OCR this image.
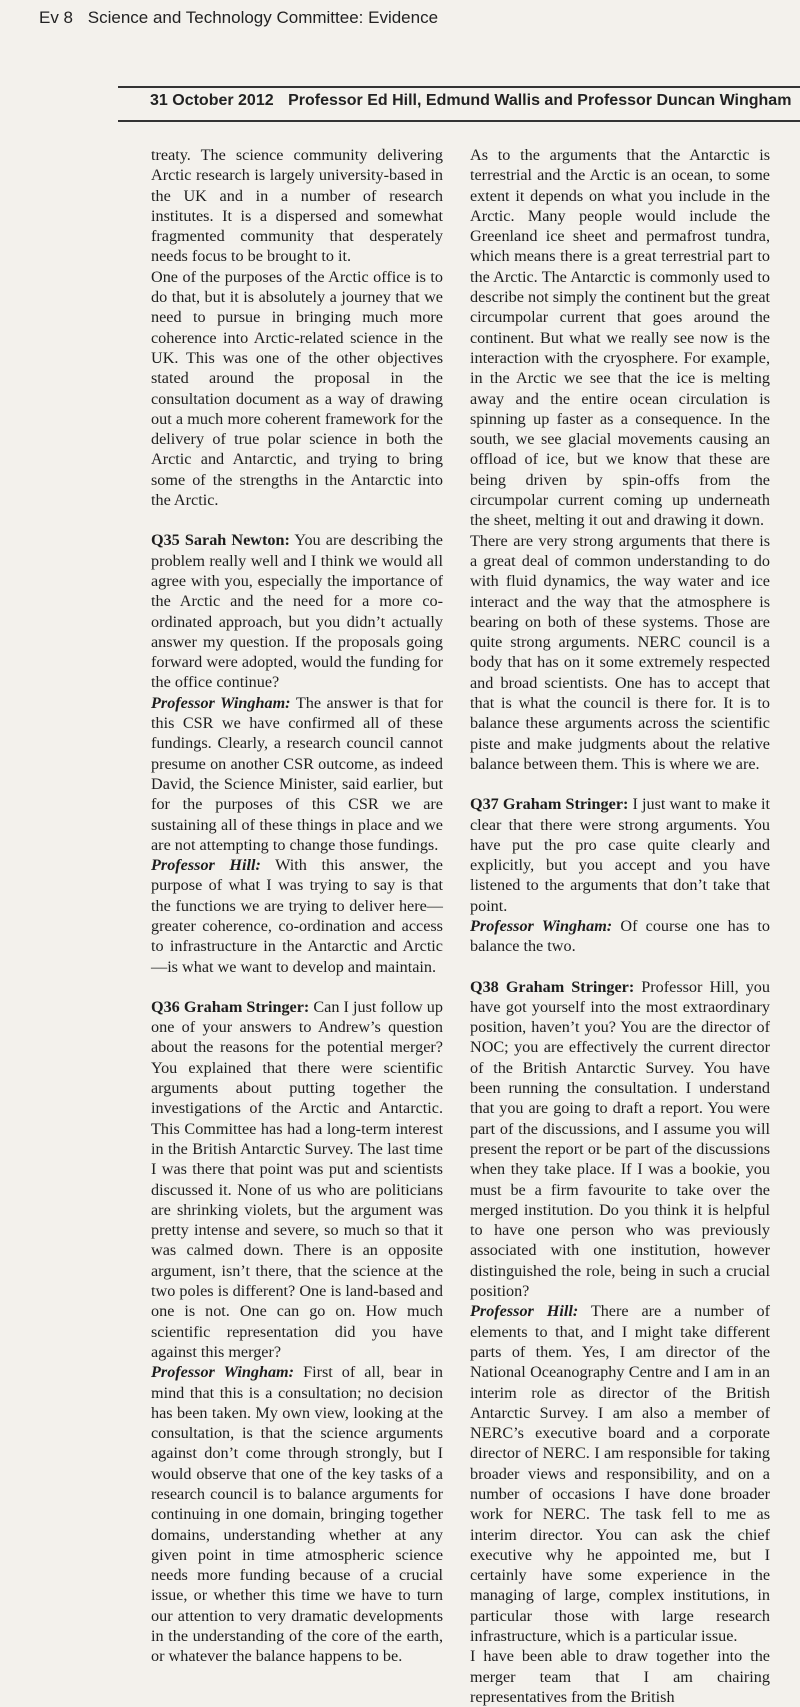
Ev 8 Science and Technology Committee: Evidence
31 October 2012 Professor Ed Hill, Edmund Wallis and Professor Duncan Wingham

treaty. The science community delivering Arctic research is largely university-based in the UK and in a number of research institutes. It is a dispersed and somewhat fragmented community that desperately needs focus to be brought to it.

One of the purposes of the Arctic office is to do that, but it is absolutely a journey that we need to pursue in bringing much more coherence into Arctic-related science in the UK. This was one of the other objectives stated around the proposal in the consultation document as a way of drawing out a much more coherent framework for the delivery of true polar science in both the Arctic and Antarctic, and trying to bring some of the strengths in the Antarctic into the Arctic.

Q35 Sarah Newton: You are describing the problem really well and I think we would all agree with you, especially the importance of the Arctic and the need for a more co-ordinated approach, but you didn’t actually answer my question. If the proposals going forward were adopted, would the funding for the office continue?

Professor Wingham: The answer is that for this CSR we have confirmed all of these fundings. Clearly, a research council cannot presume on another CSR outcome, as indeed David, the Science Minister, said earlier, but for the purposes of this CSR we are sustaining all of these things in place and we are not attempting to change those fundings.

Professor Hill: With this answer, the purpose of what I was trying to say is that the functions we are trying to deliver here—greater coherence, co-ordination and access to infrastructure in the Antarctic and Arctic—is what we want to develop and maintain.

Q36 Graham Stringer: Can I just follow up one of your answers to Andrew’s question about the reasons for the potential merger? You explained that there were scientific arguments about putting together the investigations of the Arctic and Antarctic. This Committee has had a long-term interest in the British Antarctic Survey. The last time I was there that point was put and scientists discussed it. None of us who are politicians are shrinking violets, but the argument was pretty intense and severe, so much so that it was calmed down. There is an opposite argument, isn’t there, that the science at the two poles is different? One is land-based and one is not. One can go on. How much scientific representation did you have against this merger?

Professor Wingham: First of all, bear in mind that this is a consultation; no decision has been taken. My own view, looking at the consultation, is that the science arguments against don’t come through strongly, but I would observe that one of the key tasks of a research council is to balance arguments for continuing in one domain, bringing together domains, understanding whether at any given point in time atmospheric science needs more funding because of a crucial issue, or whether this time we have to turn our attention to very dramatic developments in the understanding of the core of the earth, or whatever the balance happens to be.

As to the arguments that the Antarctic is terrestrial and the Arctic is an ocean, to some extent it depends on what you include in the Arctic. Many people would include the Greenland ice sheet and permafrost tundra, which means there is a great terrestrial part to the Arctic. The Antarctic is commonly used to describe not simply the continent but the great circumpolar current that goes around the continent. But what we really see now is the interaction with the cryosphere. For example, in the Arctic we see that the ice is melting away and the entire ocean circulation is spinning up faster as a consequence. In the south, we see glacial movements causing an offload of ice, but we know that these are being driven by spin-offs from the circumpolar current coming up underneath the sheet, melting it out and drawing it down.

There are very strong arguments that there is a great deal of common understanding to do with fluid dynamics, the way water and ice interact and the way that the atmosphere is bearing on both of these systems. Those are quite strong arguments. NERC council is a body that has on it some extremely respected and broad scientists. One has to accept that that is what the council is there for. It is to balance these arguments across the scientific piste and make judgments about the relative balance between them. This is where we are.

Q37 Graham Stringer: I just want to make it clear that there were strong arguments. You have put the pro case quite clearly and explicitly, but you accept and you have listened to the arguments that don’t take that point.

Professor Wingham: Of course one has to balance the two.

Q38 Graham Stringer: Professor Hill, you have got yourself into the most extraordinary position, haven’t you? You are the director of NOC; you are effectively the current director of the British Antarctic Survey. You have been running the consultation. I understand that you are going to draft a report. You were part of the discussions, and I assume you will present the report or be part of the discussions when they take place. If I was a bookie, you must be a firm favourite to take over the merged institution. Do you think it is helpful to have one person who was previously associated with one institution, however distinguished the role, being in such a crucial position?

Professor Hill: There are a number of elements to that, and I might take different parts of them. Yes, I am director of the National Oceanography Centre and I am in an interim role as director of the British Antarctic Survey. I am also a member of NERC’s executive board and a corporate director of NERC. I am responsible for taking broader views and responsibility, and on a number of occasions I have done broader work for NERC. The task fell to me as interim director. You can ask the chief executive why he appointed me, but I certainly have some experience in the managing of large, complex institutions, in particular those with large research infrastructure, which is a particular issue.

I have been able to draw together into the merger team that I am chairing representatives from the British
